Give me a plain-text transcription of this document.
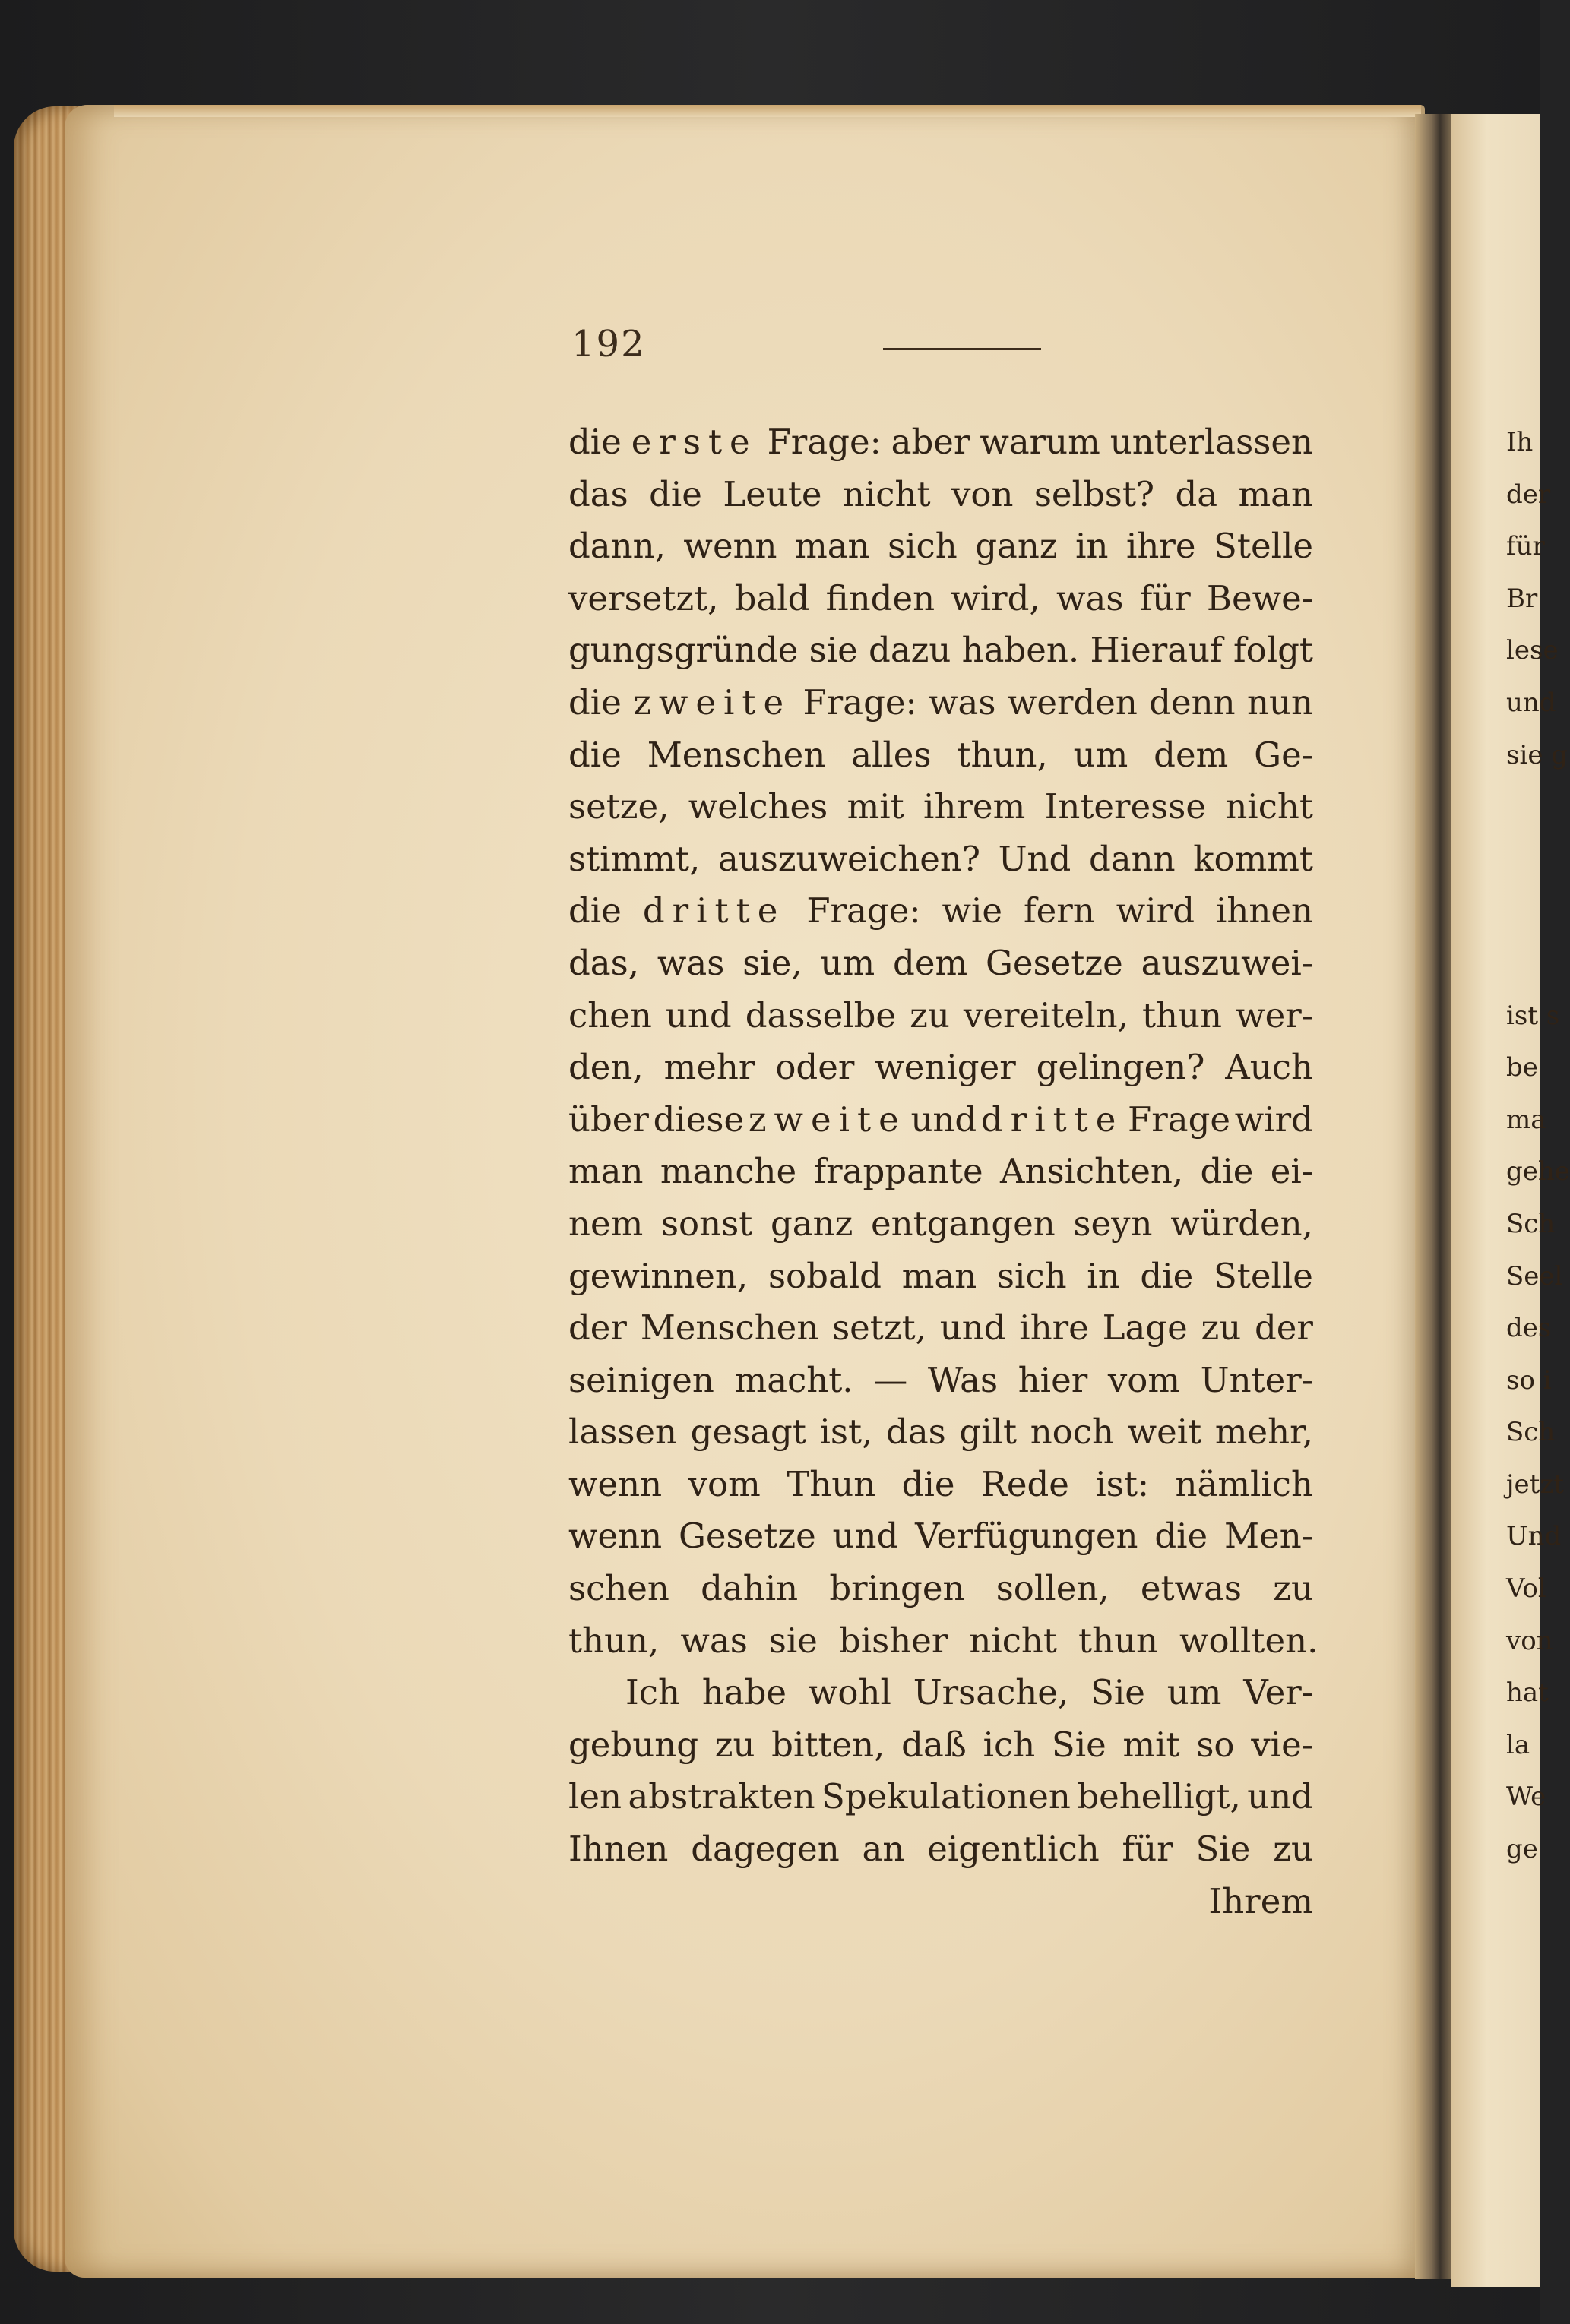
192
die erste Frage: aber warum unterlassen
das die Leute nicht von selbst? da man
dann, wenn man sich ganz in ihre Stelle
versetzt, bald finden wird, was für Bewe-
gungsgründe sie dazu haben. Hierauf folgt
die zweite Frage: was werden denn nun
die Menschen alles thun, um dem Ge-
setze, welches mit ihrem Interesse nicht
stimmt, auszuweichen? Und dann kommt
die dritte Frage: wie fern wird ihnen
das, was sie, um dem Gesetze auszuwei-
chen und dasselbe zu vereiteln, thun wer-
den, mehr oder weniger gelingen? Auch
über diese zweite und dritte Frage wird
man manche frappante Ansichten, die ei-
nem sonst ganz entgangen seyn würden,
gewinnen, sobald man sich in die Stelle
der Menschen setzt, und ihre Lage zu der
seinigen macht. — Was hier vom Unter-
lassen gesagt ist, das gilt noch weit mehr,
wenn vom Thun die Rede ist: nämlich
wenn Gesetze und Verfügungen die Men-
schen dahin bringen sollen, etwas zu
thun, was sie bisher nicht thun wollten.
Ich habe wohl Ursache, Sie um Ver-
gebung zu bitten, daß ich Sie mit so vie-
len abstrakten Spekulationen behelligt, und
Ihnen dagegen an eigentlich für Sie zu
Ihrem
Ih
der
für
Br
lese
und
sie g
ist s
be
ma
gehe
Sch
Seel
des
so i
Sch
jetzt
Und
Vol
von
hat
la
We
ge
